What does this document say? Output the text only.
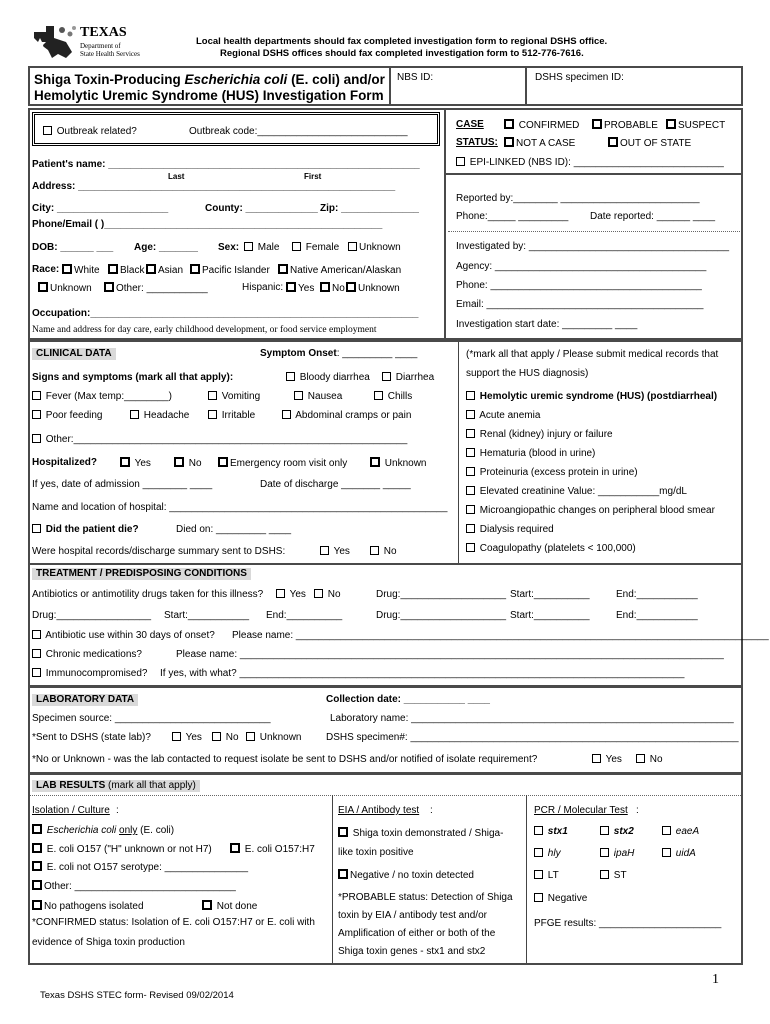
TEXAS
Department of
State Health Services
Local health departments should fax completed investigation form to regional DSHS office.
Regional DSHS offices should fax completed investigation form to 512-776-7616.
Shiga Toxin-Producing Escherichia coli (E. coli) and/or
Hemolytic Uremic Syndrome (HUS) Investigation Form
NBS ID:	DSHS specimen ID:
Outbreak related?	Outbreak code:___________________________
Patient's name: ________________________________________________________
Last	First
Address: _________________________________________________________
City: ____________________	County: _____________ Zip: ______________
Phone/Email ( )__________________________________________________
DOB: ______ ___ Age: _______ Sex:	Male	Female	Unknown
Race:	White	Black	Asian	Pacific Islander	Native American/Alaskan
Unknown	Other: ___________	Hispanic:	Yes	No	Unknown
Occupation:___________________________________________________________
Name and address for day care, early childhood development, or food service employment
CASE	CONFIRMED	PROBABLE	SUSPECT
STATUS:	NOT A CASE	OUT OF STATE
EPI-LINKED (NBS ID): ___________________________
Reported by:________ _________________________
Phone:_____ _________ Date reported: ______ ____
Investigated by: ____________________________________
Agency: ______________________________________
Phone: ______________________________________
Email: _______________________________________
Investigation start date: _________ ____
CLINICAL DATA	Symptom Onset: _________ ____
Signs and symptoms (mark all that apply):	Bloody diarrhea	Diarrhea
Fever (Max temp:________)	Vomiting	Nausea	Chills
Poor feeding	Headache	Irritable	Abdominal cramps or pain
Other:____________________________________________________________
Hospitalized?	Yes	No	Emergency room visit only	Unknown
If yes, date of admission ________ ____	Date of discharge _______ _____
Name and location of hospital: __________________________________________________
Did the patient die?	Died on: _________ ____
Were hospital records/discharge summary sent to DSHS:	Yes	No
(*mark all that apply / Please submit medical records that
support the HUS diagnosis)
Hemolytic uremic syndrome (HUS) (postdiarrheal)
Acute anemia
Renal (kidney) injury or failure
Hematuria (blood in urine)
Proteinuria (excess protein in urine)
Elevated creatinine Value: ___________mg/dL
Microangiopathic changes on peripheral blood smear
Dialysis required
Coagulopathy (platelets < 100,000)
TREATMENT / PREDISPOSING CONDITIONS
Antibiotics or antimotility drugs taken for this illness?	Yes	No	Drug:___________________ Start:__________	End:___________
Drug:_________________ Start:___________ End:__________	Drug:___________________ Start:__________	End:___________
Antibiotic use within 30 days of onset? Please name: _____________________________________________________________________________________
Chronic medications?	Please name: _______________________________________________________________________________________
Immunocompromised? If yes, with what? ________________________________________________________________________________
LABORATORY DATA	Collection date: ___________ ____
Specimen source: ____________________________	Laboratory name: __________________________________________________________
*Sent to DSHS (state lab)?	Yes	No	Unknown DSHS specimen#: ___________________________________________________________
*No or Unknown - was the lab contacted to request isolate be sent to DSHS and/or notified of isolate requirement?	Yes	No
LAB RESULTS (mark all that apply)
Isolation / Culture :
Escherichia coli only (E. coli)
E. coli O157 ("H" unknown or not H7)	E. coli O157:H7
E. coli not O157 serotype: _______________
Other: _____________________________
No pathogens isolated	Not done
*CONFIRMED status: Isolation of E. coli O157:H7 or E. coli with
evidence of Shiga toxin production
EIA / Antibody test :
Shiga toxin demonstrated / Shiga-
like toxin positive
Negative / no toxin detected
*PROBABLE status: Detection of Shiga
toxin by EIA / antibody test and/or
Amplification of either or both of the
Shiga toxin genes - stx1 and stx2
PCR / Molecular Test :
stx1	stx2	eaeA
hly	ipaH	uidA
LT	ST
Negative
PFGE results: ______________________
1
Texas DSHS STEC form- Revised 09/02/2014
